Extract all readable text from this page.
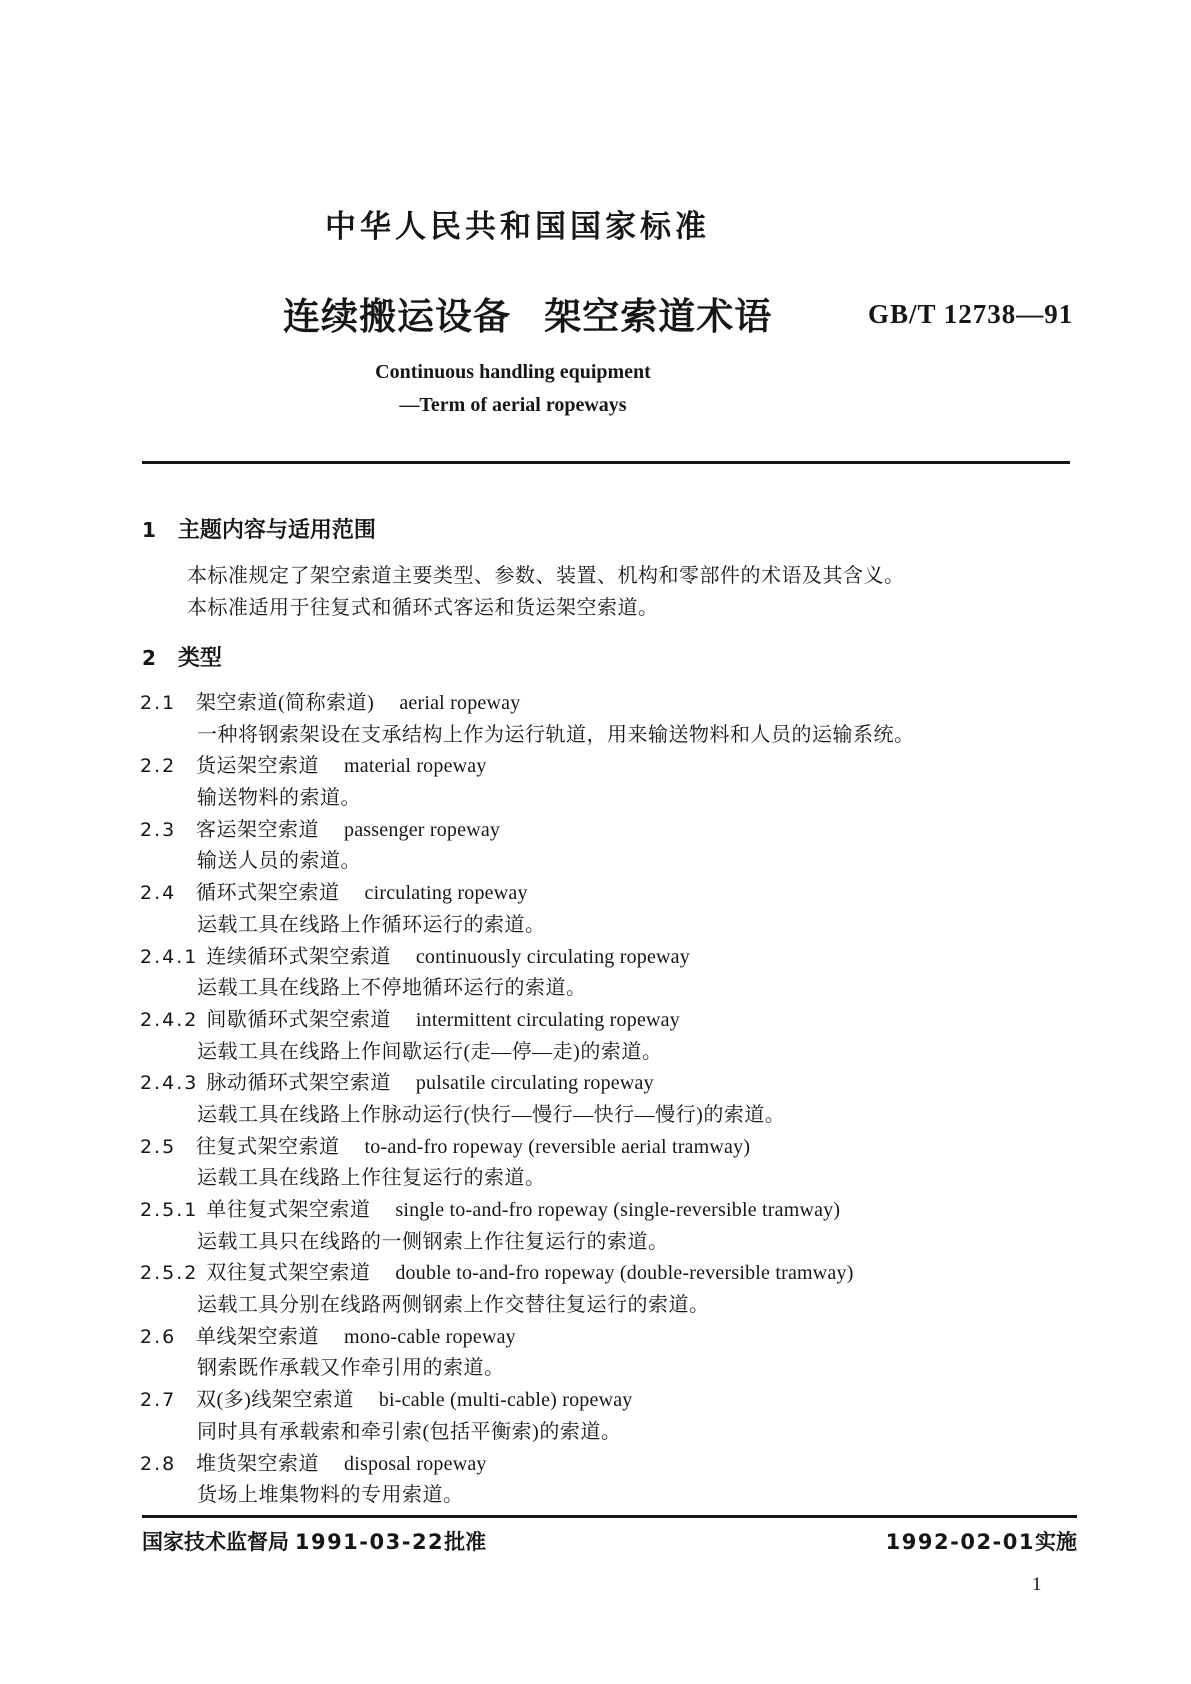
中华人民共和国国家标准
连续搬运设备 架空索道术语	GB/T 12738—91
Continuous handling equipment
—Term of aerial ropeways
1 主题内容与适用范围
本标准规定了架空索道主要类型、参数、装置、机构和零部件的术语及其含义。
本标准适用于往复式和循环式客运和货运架空索道。
2 类型
2.1 架空索道(简称索道) aerial ropeway
一种将钢索架设在支承结构上作为运行轨道，用来输送物料和人员的运输系统。
2.2 货运架空索道 material ropeway
输送物料的索道。
2.3 客运架空索道 passenger ropeway
输送人员的索道。
2.4 循环式架空索道 circulating ropeway
运载工具在线路上作循环运行的索道。
2.4.1 连续循环式架空索道 continuously circulating ropeway
运载工具在线路上不停地循环运行的索道。
2.4.2 间歇循环式架空索道 intermittent circulating ropeway
运载工具在线路上作间歇运行(走—停—走)的索道。
2.4.3 脉动循环式架空索道 pulsatile circulating ropeway
运载工具在线路上作脉动运行(快行—慢行—快行—慢行)的索道。
2.5 往复式架空索道 to-and-fro ropeway (reversible aerial tramway)
运载工具在线路上作往复运行的索道。
2.5.1 单往复式架空索道 single to-and-fro ropeway (single-reversible tramway)
运载工具只在线路的一侧钢索上作往复运行的索道。
2.5.2 双往复式架空索道 double to-and-fro ropeway (double-reversible tramway)
运载工具分别在线路两侧钢索上作交替往复运行的索道。
2.6 单线架空索道 mono-cable ropeway
钢索既作承载又作牵引用的索道。
2.7 双(多)线架空索道 bi-cable (multi-cable) ropeway
同时具有承载索和牵引索(包括平衡索)的索道。
2.8 堆货架空索道 disposal ropeway
货场上堆集物料的专用索道。
国家技术监督局 1991-03-22批准	1992-02-01实施
1
